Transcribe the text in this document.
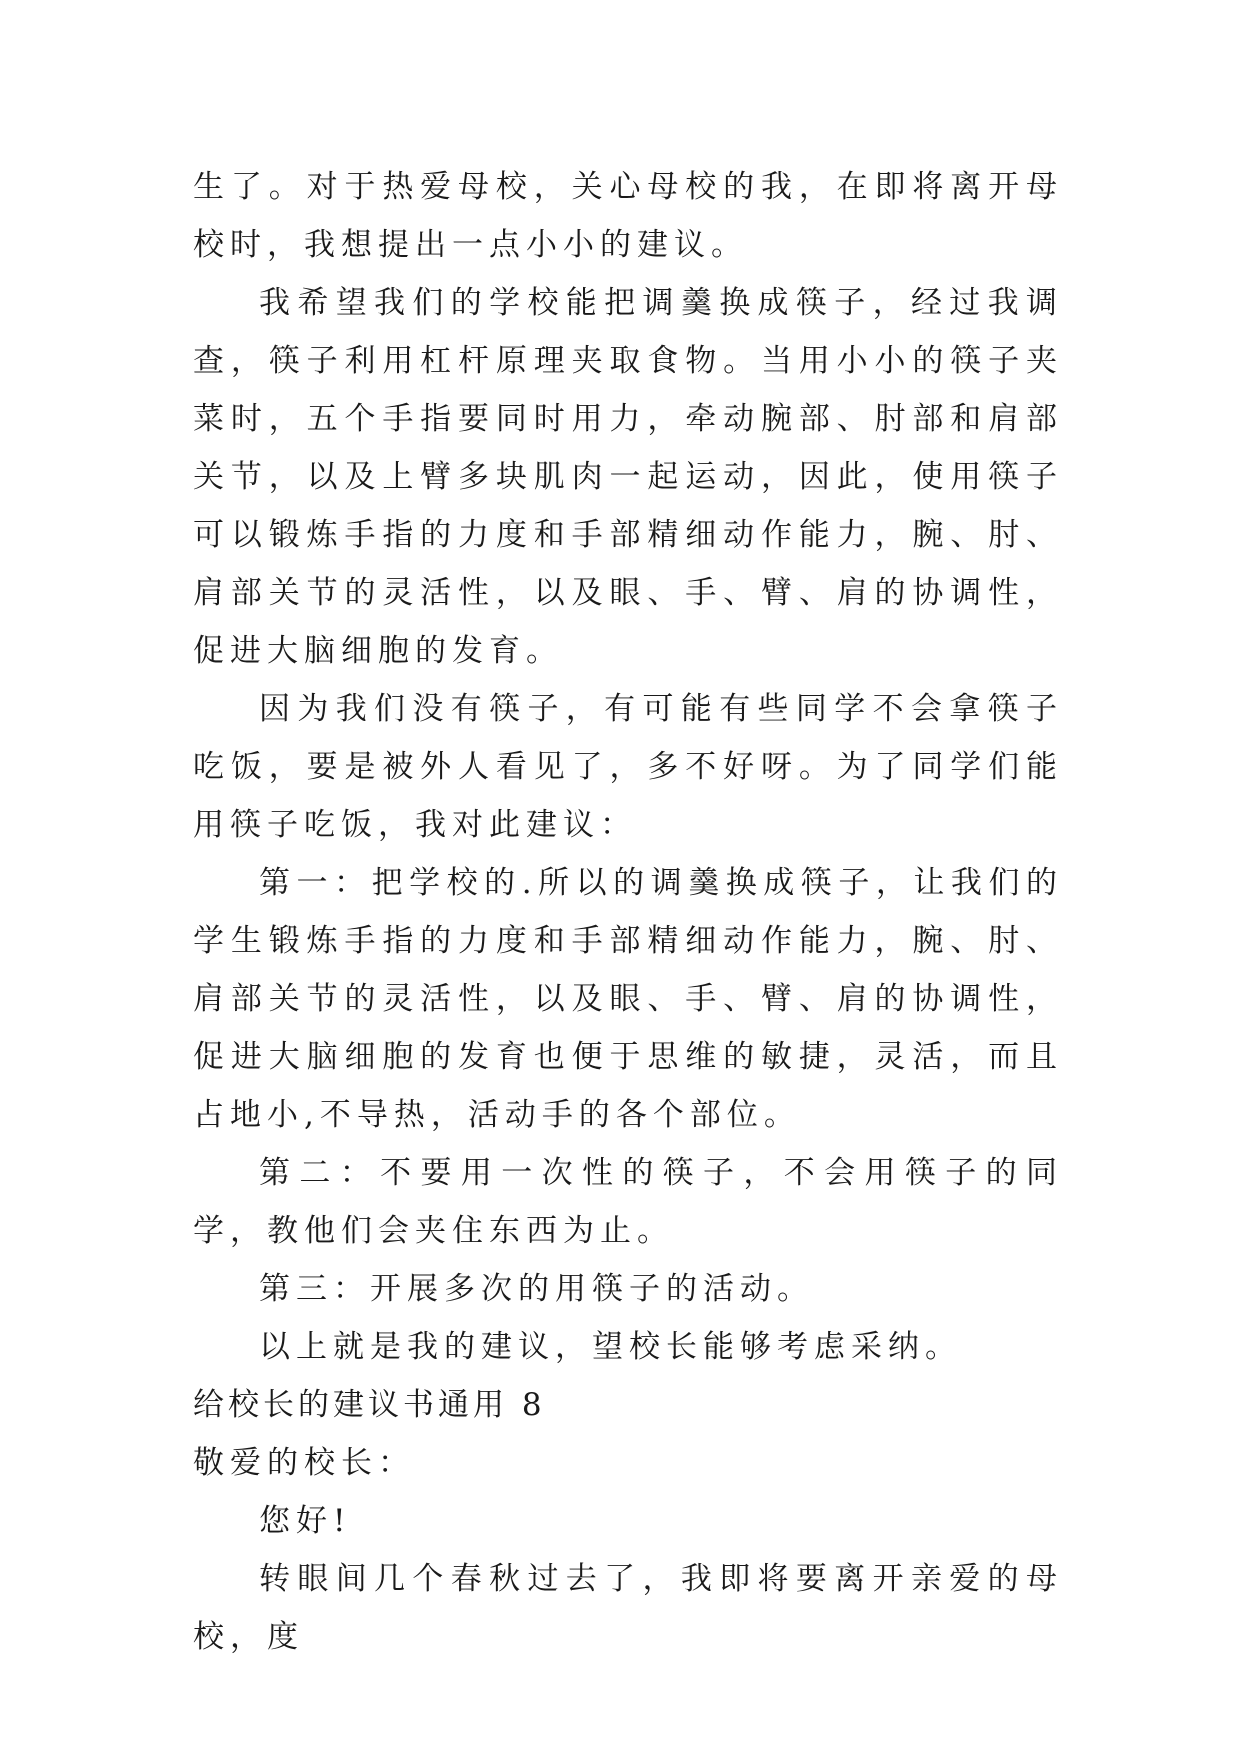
生了。对于热爱母校，关心母校的我，在即将离开母校时，我想提出一点小小的建议。

我希望我们的学校能把调羹换成筷子，经过我调查，筷子利用杠杆原理夹取食物。当用小小的筷子夹菜时，五个手指要同时用力，牵动腕部、肘部和肩部关节，以及上臂多块肌肉一起运动，因此，使用筷子可以锻炼手指的力度和手部精细动作能力，腕、肘、肩部关节的灵活性，以及眼、手、臂、肩的协调性，促进大脑细胞的发育。

因为我们没有筷子，有可能有些同学不会拿筷子吃饭，要是被外人看见了，多不好呀。为了同学们能用筷子吃饭，我对此建议：

第一：把学校的.所以的调羹换成筷子，让我们的学生锻炼手指的力度和手部精细动作能力，腕、肘、肩部关节的灵活性，以及眼、手、臂、肩的协调性，促进大脑细胞的发育也便于思维的敏捷，灵活，而且占地小,不导热，活动手的各个部位。

第二：不要用一次性的筷子，不会用筷子的同学，教他们会夹住东西为止。

第三：开展多次的用筷子的活动。

以上就是我的建议，望校长能够考虑采纳。

给校长的建议书通用 8

敬爱的校长：

您好!

转眼间几个春秋过去了，我即将要离开亲爱的母校，度
